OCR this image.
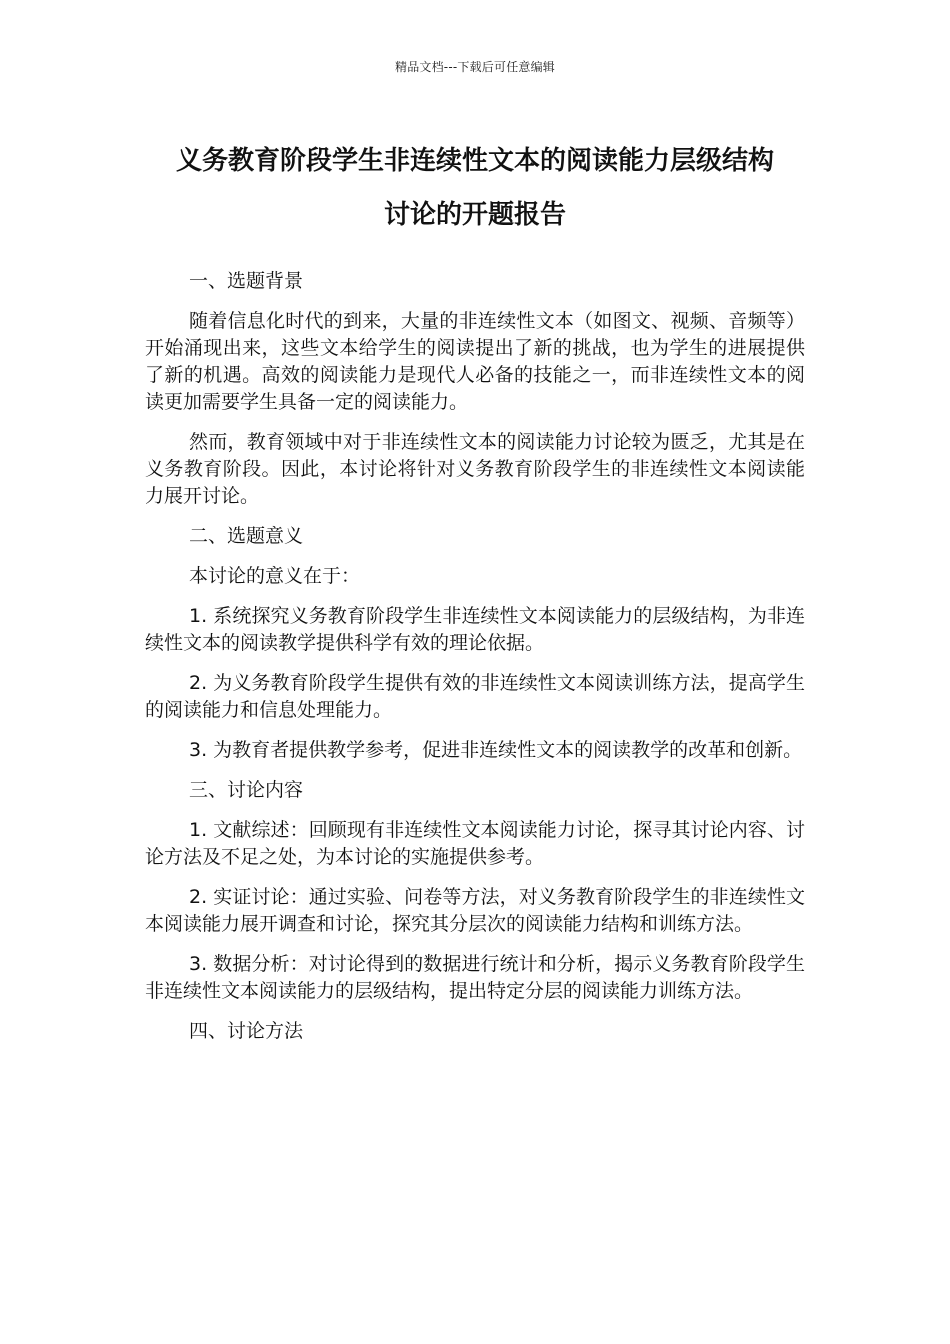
精品文档---下载后可任意编辑
义务教育阶段学生非连续性文本的阅读能力层级结构
讨论的开题报告

一、选题背景

随着信息化时代的到来，大量的非连续性文本（如图文、视频、音频等）开始涌现出来，这些文本给学生的阅读提出了新的挑战，也为学生的进展提供了新的机遇。高效的阅读能力是现代人必备的技能之一，而非连续性文本的阅读更加需要学生具备一定的阅读能力。

然而，教育领域中对于非连续性文本的阅读能力讨论较为匮乏，尤其是在义务教育阶段。因此，本讨论将针对义务教育阶段学生的非连续性文本阅读能力展开讨论。

二、选题意义

本讨论的意义在于：

1. 系统探究义务教育阶段学生非连续性文本阅读能力的层级结构，为非连续性文本的阅读教学提供科学有效的理论依据。

2. 为义务教育阶段学生提供有效的非连续性文本阅读训练方法，提高学生的阅读能力和信息处理能力。

3. 为教育者提供教学参考，促进非连续性文本的阅读教学的改革和创新。

三、讨论内容

1. 文献综述：回顾现有非连续性文本阅读能力讨论，探寻其讨论内容、讨论方法及不足之处，为本讨论的实施提供参考。

2. 实证讨论：通过实验、问卷等方法，对义务教育阶段学生的非连续性文本阅读能力展开调查和讨论，探究其分层次的阅读能力结构和训练方法。

3. 数据分析：对讨论得到的数据进行统计和分析，揭示义务教育阶段学生非连续性文本阅读能力的层级结构，提出特定分层的阅读能力训练方法。

四、讨论方法
